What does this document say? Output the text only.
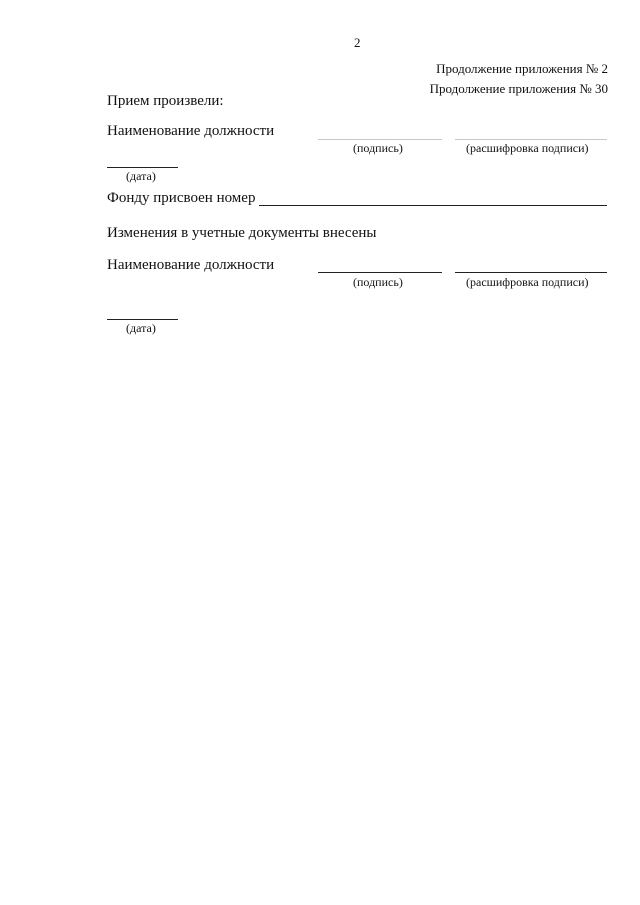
2
Продолжение приложения № 2
Продолжение приложения № 30
Прием произвели:
Наименование должности
(подпись)	(расшифровка подписи)
(дата)
Фонду присвоен номер
Изменения в учетные документы внесены
Наименование должности
(подпись)	(расшифровка подписи)
(дата)
